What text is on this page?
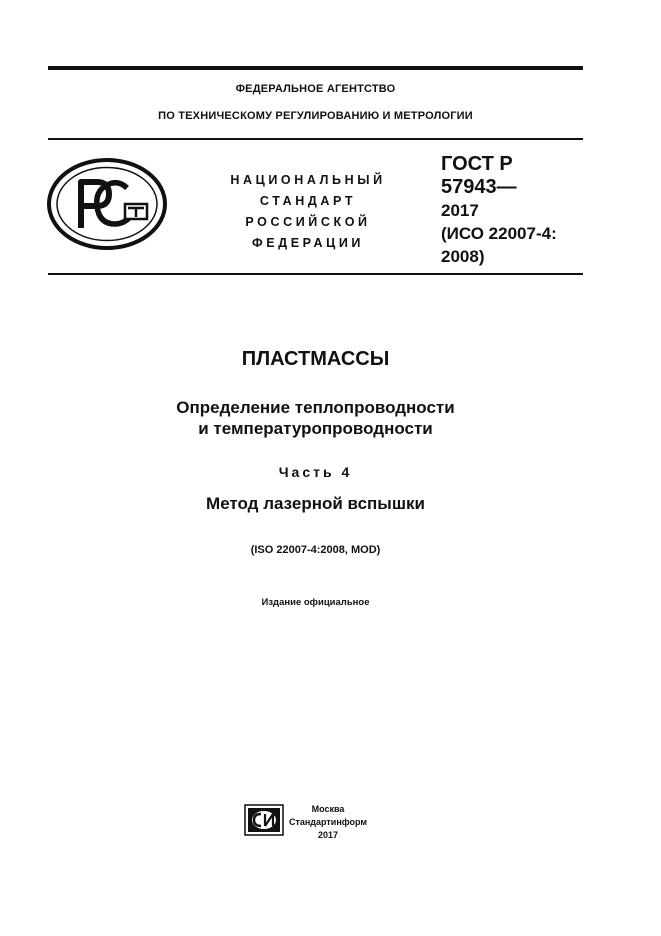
ФЕДЕРАЛЬНОЕ АГЕНТСТВО
ПО ТЕХНИЧЕСКОМУ РЕГУЛИРОВАНИЮ И МЕТРОЛОГИИ
НАЦИОНАЛЬНЫЙ
СТАНДАРТ
РОССИЙСКОЙ
ФЕДЕРАЦИИ
ГОСТ Р
57943—
2017
(ИСО 22007-4:
2008)
ПЛАСТМАССЫ
Определение теплопроводности
и температуропроводности
Часть 4
Метод лазерной вспышки
(ISO 22007-4:2008, MOD)
Издание официальное
Москва
Стандартинформ
2017
